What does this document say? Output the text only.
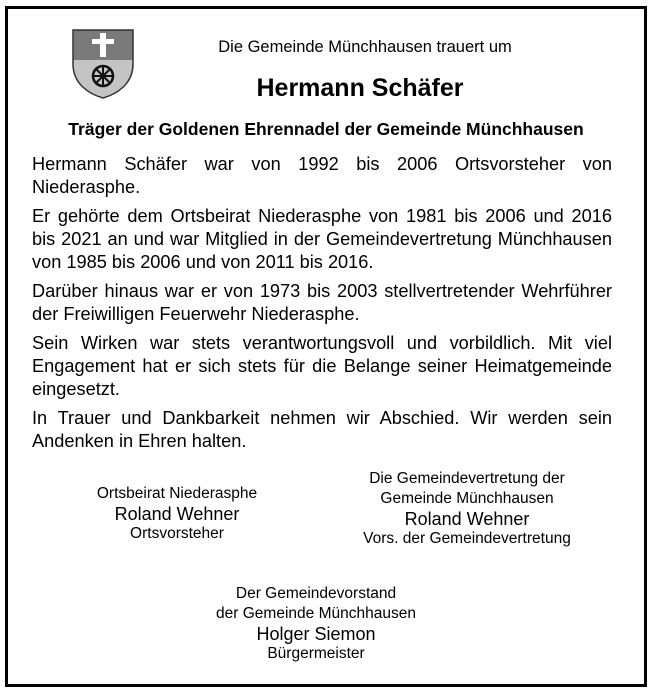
Die Gemeinde Münchhausen trauert um
Hermann Schäfer
Träger der Goldenen Ehrennadel der Gemeinde Münchhausen

Hermann Schäfer war von 1992 bis 2006 Ortsvorsteher von Niederasphe.

Er gehörte dem Ortsbeirat Niederasphe von 1981 bis 2006 und 2016 bis 2021 an und war Mitglied in der Gemeindevertretung Münchhausen von 1985 bis 2006 und von 2011 bis 2016.

Darüber hinaus war er von 1973 bis 2003 stellvertretender Wehrführer der Freiwilligen Feuerwehr Niederasphe.

Sein Wirken war stets verantwortungsvoll und vorbildlich. Mit viel Engagement hat er sich stets für die Belange seiner Heimatgemeinde eingesetzt.

In Trauer und Dankbarkeit nehmen wir Abschied. Wir werden sein Andenken in Ehren halten.

Ortsbeirat Niederasphe
Roland Wehner
Ortsvorsteher
Die Gemeindevertretung der
Gemeinde Münchhausen
Roland Wehner
Vors. der Gemeindevertretung
Der Gemeindevorstand
der Gemeinde Münchhausen
Holger Siemon
Bürgermeister
